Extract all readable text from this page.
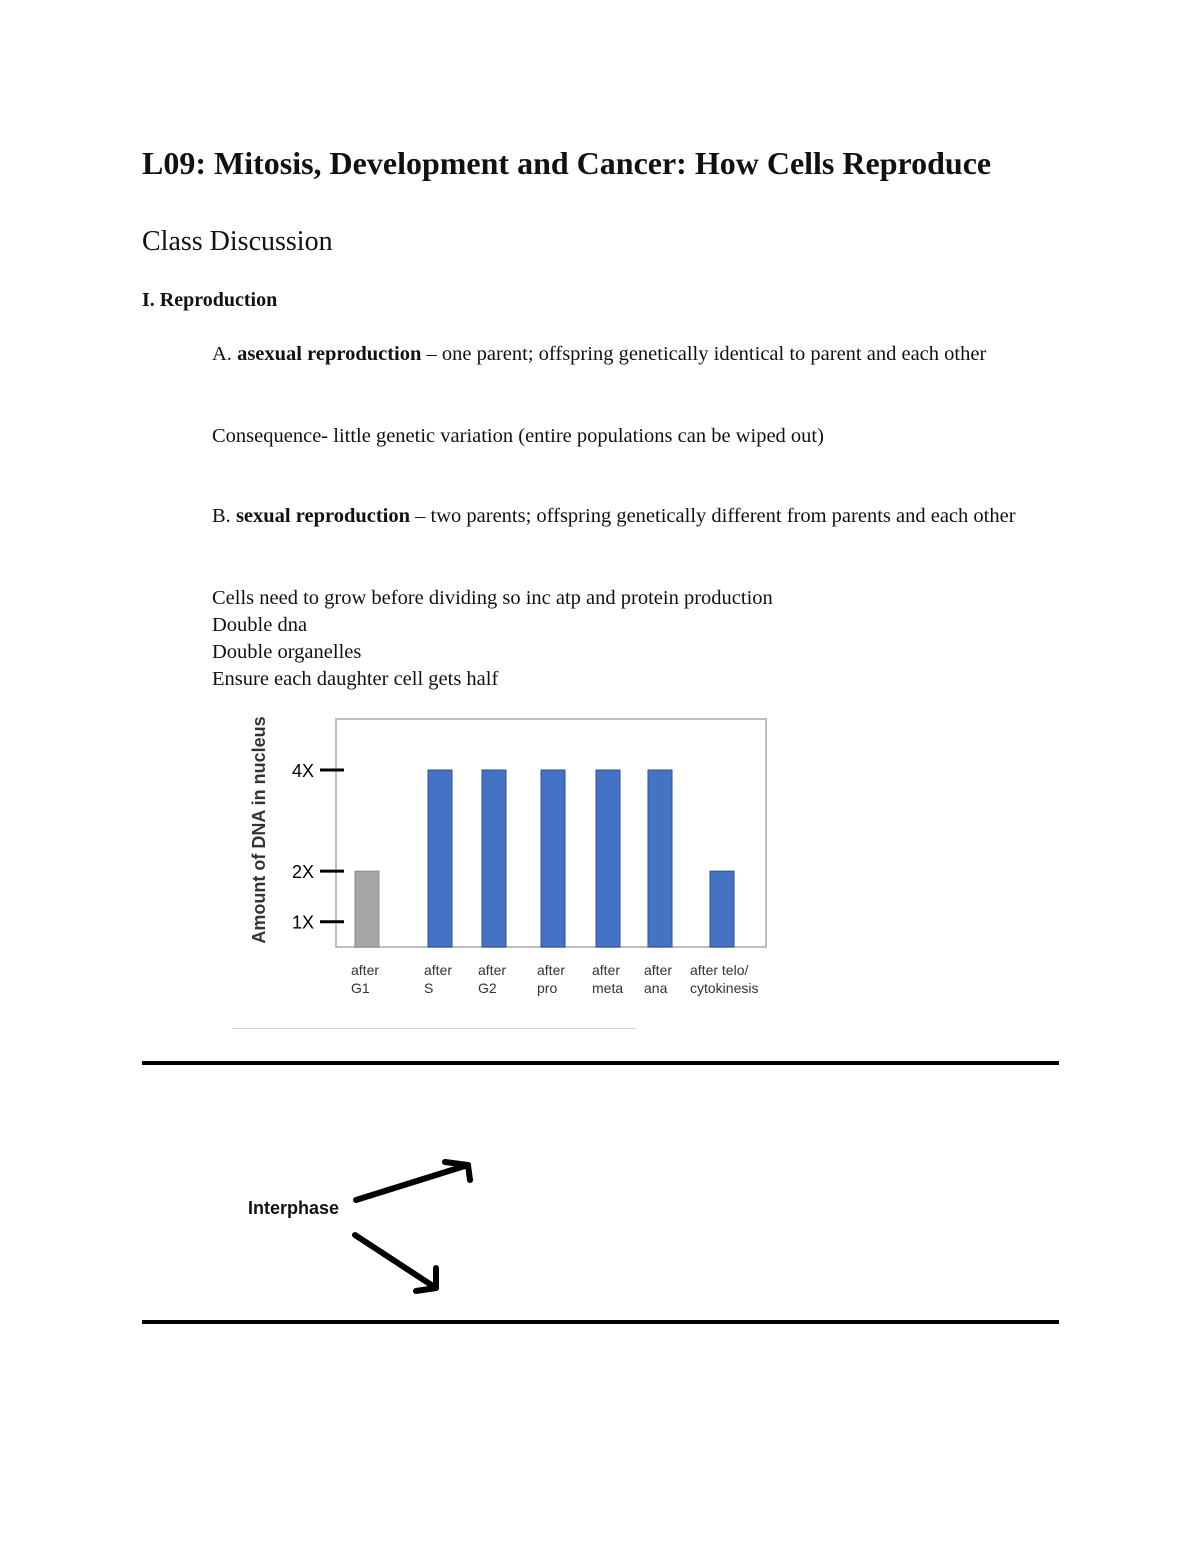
L09: Mitosis, Development and Cancer: How Cells Reproduce
Class Discussion
I. Reproduction
A. asexual reproduction – one parent; offspring genetically identical to parent and each other
Consequence- little genetic variation (entire populations can be wiped out)
B. sexual reproduction – two parents; offspring genetically different from parents and each other
Cells need to grow before dividing so inc atp and protein production
Double dna
Double organelles
Ensure each daughter cell gets half
Amount of DNA in nucleus 1X
2X
4X
after G1
after S
after G2
after pro
after meta
after ana
after telo/ cytokinesis
Interphase
